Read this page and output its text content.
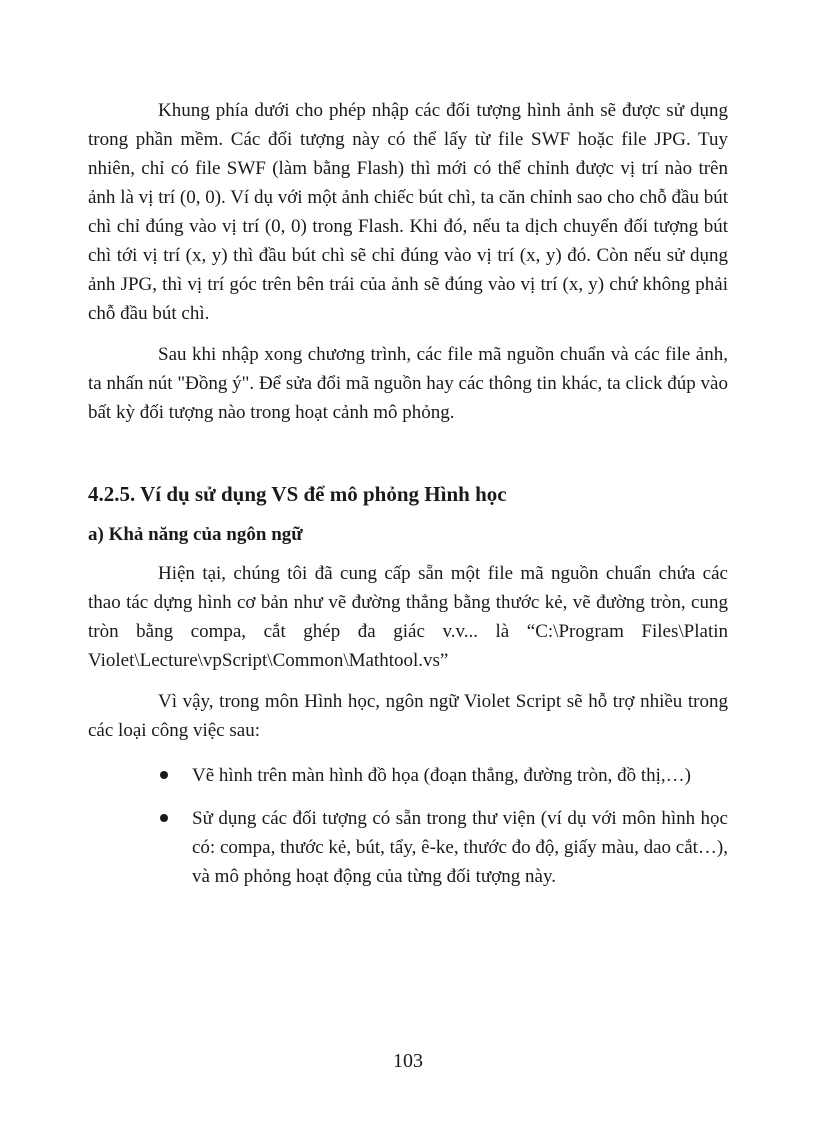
Khung phía dưới cho phép nhập các đối tượng hình ảnh sẽ được sử dụng trong phần mềm. Các đối tượng này có thể lấy từ file SWF hoặc file JPG. Tuy nhiên, chỉ có file SWF (làm bằng Flash) thì mới có thể chỉnh được vị trí nào trên ảnh là vị trí (0, 0). Ví dụ với một ảnh chiếc bút chì, ta căn chỉnh sao cho chỗ đầu bút chì chỉ đúng vào vị trí (0, 0) trong Flash. Khi đó, nếu ta dịch chuyển đối tượng bút chì tới vị trí (x, y) thì đầu bút chì sẽ chỉ đúng vào vị trí (x, y) đó. Còn nếu sử dụng ảnh JPG, thì vị trí góc trên bên trái của ảnh sẽ đúng vào vị trí (x, y) chứ không phải chỗ đầu bút chì.

Sau khi nhập xong chương trình, các file mã nguồn chuẩn và các file ảnh, ta nhấn nút "Đồng ý". Để sửa đổi mã nguồn hay các thông tin khác, ta click đúp vào bất kỳ đối tượng nào trong hoạt cảnh mô phỏng.

4.2.5. Ví dụ sử dụng VS để mô phỏng Hình học
a) Khả năng của ngôn ngữ

Hiện tại, chúng tôi đã cung cấp sẵn một file mã nguồn chuẩn chứa các thao tác dựng hình cơ bản như vẽ đường thẳng bằng thước kẻ, vẽ đường tròn, cung tròn bằng compa, cắt ghép đa giác v.v... là “C:\Program Files\Platin Violet\Lecture\vpScript\Common\Mathtool.vs”

Vì vậy, trong môn Hình học, ngôn ngữ Violet Script sẽ hỗ trợ nhiều trong các loại công việc sau:

Vẽ hình trên màn hình đồ họa (đoạn thẳng, đường tròn, đồ thị,…)
Sử dụng các đối tượng có sẵn trong thư viện (ví dụ với môn hình học có: compa, thước kẻ, bút, tẩy, ê-ke, thước đo độ, giấy màu, dao cắt…), và mô phỏng hoạt động của từng đối tượng này.
103
